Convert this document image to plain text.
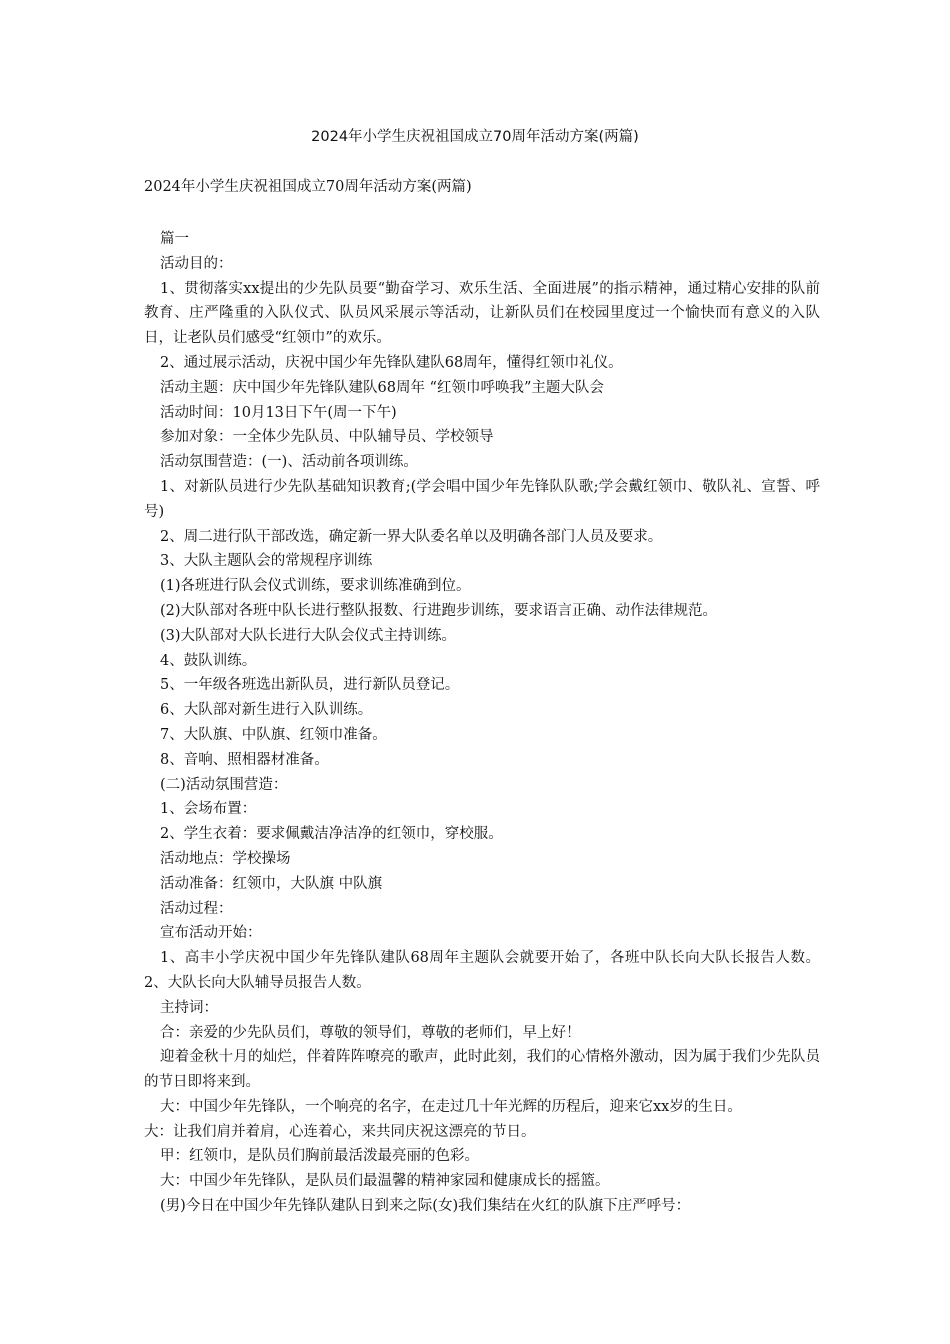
2024年小学生庆祝祖国成立70周年活动方案(两篇)
2024年小学生庆祝祖国成立70周年活动方案(两篇)

篇一

活动目的：

1、贯彻落实xx提出的少先队员要“勤奋学习、欢乐生活、全面进展”的指示精神，通过精心安排的队前教育、庄严隆重的入队仪式、队员风采展示等活动，让新队员们在校园里度过一个愉快而有意义的入队日，让老队员们感受“红领巾”的欢乐。

2、通过展示活动，庆祝中国少年先锋队建队68周年，懂得红领巾礼仪。

活动主题：庆中国少年先锋队建队68周年 “红领巾呼唤我”主题大队会

活动时间：10月13日下午(周一下午)

参加对象：一全体少先队员、中队辅导员、学校领导

活动氛围营造：(一)、活动前各项训练。

1、对新队员进行少先队基础知识教育;(学会唱中国少年先锋队队歌;学会戴红领巾、敬队礼、宣誓、呼号)

2、周二进行队干部改选，确定新一界大队委名单以及明确各部门人员及要求。

3、大队主题队会的常规程序训练

(1)各班进行队会仪式训练，要求训练准确到位。

(2)大队部对各班中队长进行整队报数、行进跑步训练，要求语言正确、动作法律规范。

(3)大队部对大队长进行大队会仪式主持训练。

4、鼓队训练。

5、一年级各班选出新队员，进行新队员登记。

6、大队部对新生进行入队训练。

7、大队旗、中队旗、红领巾准备。

8、音响、照相器材准备。

(二)活动氛围营造：

1、会场布置：

2、学生衣着：要求佩戴洁净洁净的红领巾，穿校服。

活动地点：学校操场

活动准备：红领巾，大队旗 中队旗

活动过程：

宣布活动开始：

1、高丰小学庆祝中国少年先锋队建队68周年主题队会就要开始了，各班中队长向大队长报告人数。 2、大队长向大队辅导员报告人数。

主持词：

合：亲爱的少先队员们，尊敬的领导们，尊敬的老师们，早上好！

迎着金秋十月的灿烂，伴着阵阵嘹亮的歌声，此时此刻，我们的心情格外激动，因为属于我们少先队员的节日即将来到。

大：中国少年先锋队，一个响亮的名字，在走过几十年光辉的历程后，迎来它xx岁的生日。

大：让我们肩并着肩，心连着心，来共同庆祝这漂亮的节日。

甲：红领巾，是队员们胸前最活泼最亮丽的色彩。

大：中国少年先锋队，是队员们最温馨的精神家园和健康成长的摇篮。

(男)今日在中国少年先锋队建队日到来之际(女)我们集结在火红的队旗下庄严呼号：
